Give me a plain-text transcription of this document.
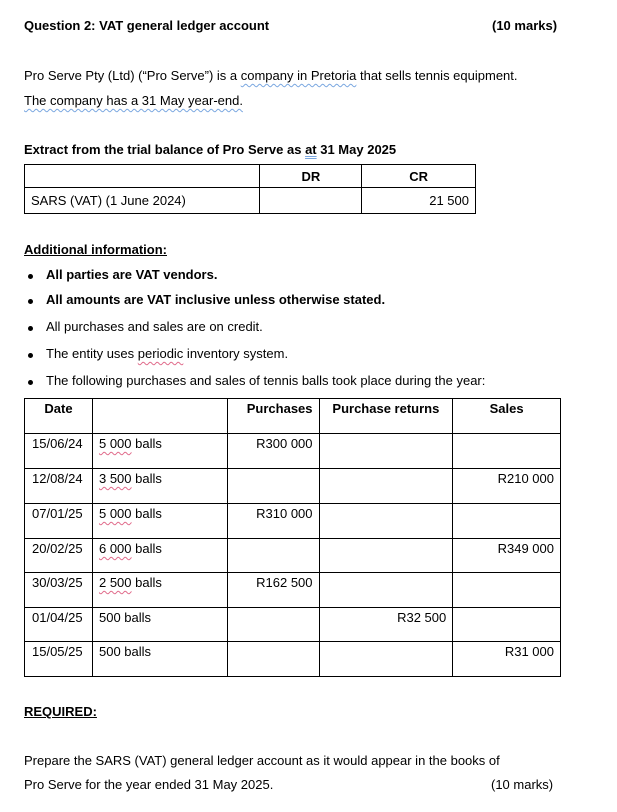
Question 2: VAT general ledger account	(10 marks)
Pro Serve Pty (Ltd) (“Pro Serve”) is a company in Pretoria that sells tennis equipment.
The company has a 31 May year-end.
Extract from the trial balance of Pro Serve as at 31 May 2025
	DR	CR
SARS (VAT) (1 June 2024)		21 500
Additional information:
All parties are VAT vendors.
All amounts are VAT inclusive unless otherwise stated.
All purchases and sales are on credit.
The entity uses periodic inventory system.
The following purchases and sales of tennis balls took place during the year:
Date		Purchases	Purchase returns	Sales
15/06/24	5 000 balls	R300 000		
12/08/24	3 500 balls			R210 000
07/01/25	5 000 balls	R310 000		
20/02/25	6 000 balls			R349 000
30/03/25	2 500 balls	R162 500		
01/04/25	500 balls		R32 500	
15/05/25	500 balls			R31 000
REQUIRED:
Prepare the SARS (VAT) general ledger account as it would appear in the books of
Pro Serve for the year ended 31 May 2025.	(10 marks)
